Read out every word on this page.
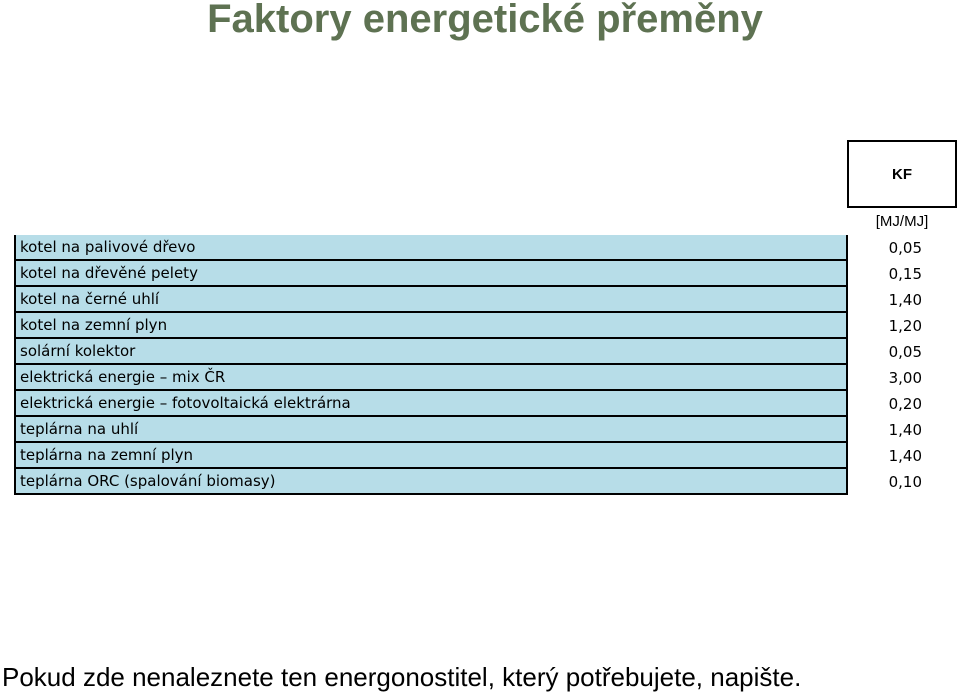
Faktory energetické přeměny
KF
[MJ/MJ]
kotel na palivové dřevo	0,05
kotel na dřevěné pelety	0,15
kotel na černé uhlí	1,40
kotel na zemní plyn	1,20
solární kolektor	0,05
elektrická energie – mix ČR	3,00
elektrická energie – fotovoltaická elektrárna	0,20
teplárna na uhlí	1,40
teplárna na zemní plyn	1,40
teplárna ORC (spalování biomasy)	0,10
Pokud zde nenaleznete ten energonostitel, který potřebujete, napište.
